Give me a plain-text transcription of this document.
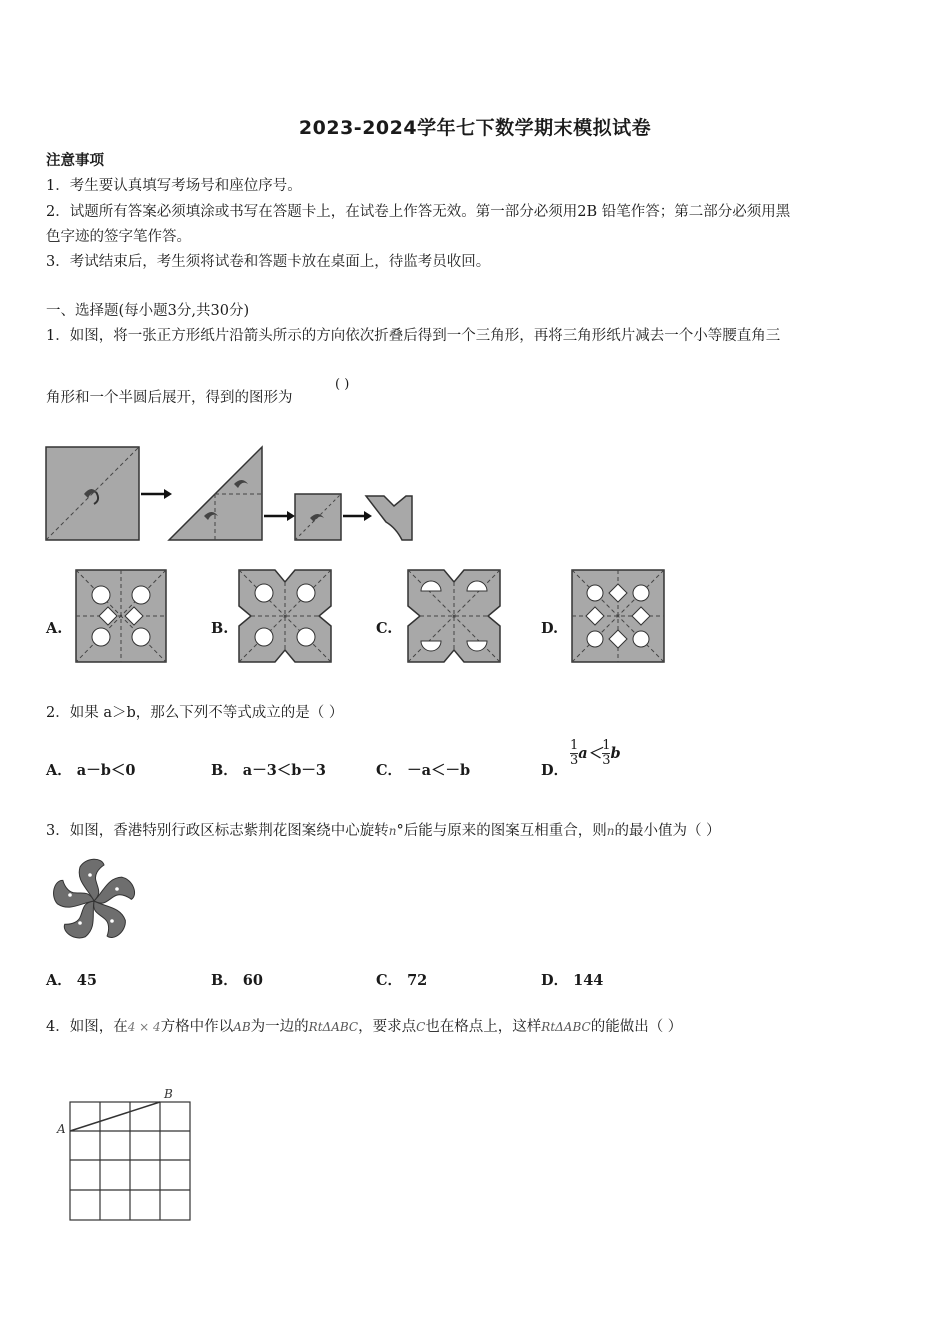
2023-2024学年七下数学期末模拟试卷
注意事项
1．考生要认真填写考场号和座位序号。
2．试题所有答案必须填涂或书写在答题卡上，在试卷上作答无效。第一部分必须用2B 铅笔作答；第二部分必须用黑
色字迹的签字笔作答。
3．考试结束后，考生须将试卷和答题卡放在桌面上，待监考员收回。
一、选择题(每小题3分,共30分)
1．如图，将一张正方形纸片沿箭头所示的方向依次折叠后得到一个三角形，再将三角形纸片减去一个小等腰直角三
角形和一个半圆后展开，得到的图形为
( )
A.	B.	C.	D.
2．如果 a＞b，那么下列不等式成立的是（ ）
A． a－b＜0	B． a－3＜b－3	C． －a＜－b	D．
$\frac{1}{3} a< \frac{1}{3}$ b
3．如图，香港特别行政区标志紫荆花图案绕中心旋转n°后能与原来的图案互相重合，则n的最小值为（ ）
A． 45	B． 60	C． 72	D． 144
4．如图，在4 × 4方格中作以AB为一边的RtΔABC，要求点C也在格点上，这样RtΔABC的能做出（ ）
A
B
